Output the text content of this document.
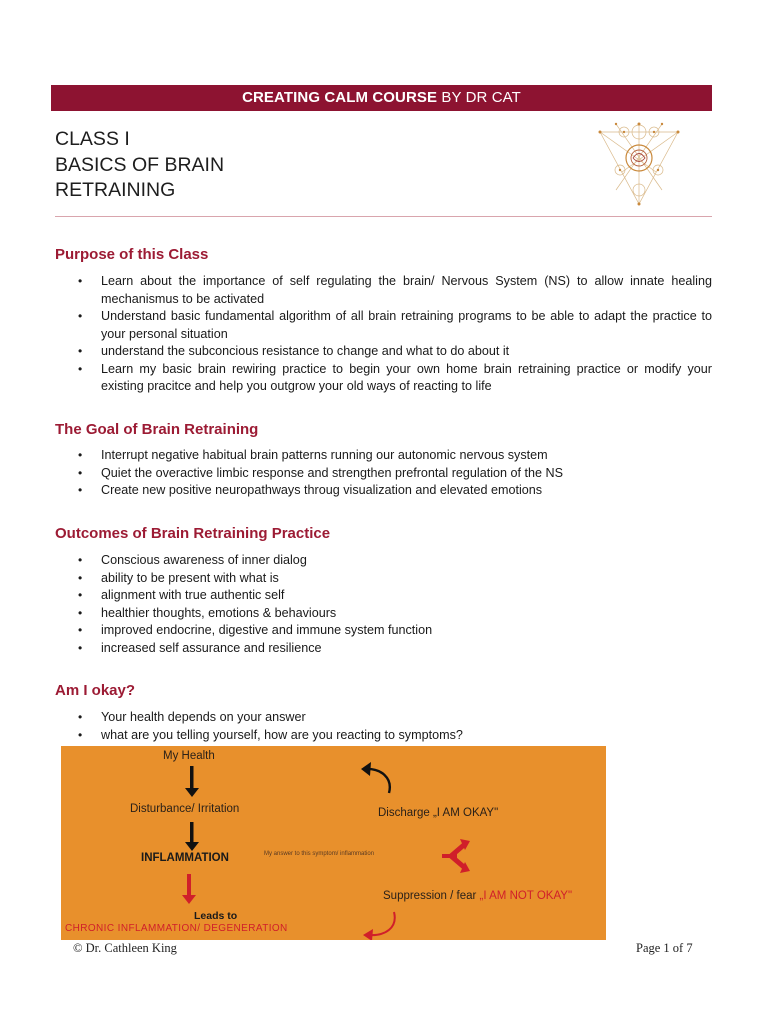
CREATING CALM COURSE BY DR CAT
CLASS I
BASICS OF BRAIN
RETRAINING
Purpose of this Class
• Learn about the importance of self regulating the brain/ Nervous System (NS) to allow innate healing mechanismus to be activated
• Understand basic fundamental algorithm of all brain retraining programs to be able to adapt the practice to your personal situation
• understand the subconcious resistance to change and what to do about it
• Learn my basic brain rewiring practice to begin your own home brain retraining practice or modify your existing pracitce and help you outgrow your old ways of reacting to life
The Goal of Brain Retraining
• Interrupt negative habitual brain patterns running our autonomic nervous system
• Quiet the overactive limbic response and strengthen prefrontal regulation of the NS
• Create new positive neuropathways throug visualization and elevated emotions
Outcomes of Brain Retraining Practice
• Conscious awareness of inner dialog
• ability to be present with what is
• alignment with true authentic self
• healthier thoughts, emotions & behaviours
• improved endocrine, digestive and immune system function
• increased self assurance and resilience
Am I okay?
• Your health depends on your answer
• what are you telling yourself, how are you reacting to symptoms?
My Health
Disturbance/ Irritation
INFLAMMATION
Leads to
CHRONIC INFLAMMATION/ DEGENERATION
Discharge „I AM OKAY"
My answer to this symptom/ inflammation
Suppression / fear „I AM NOT OKAY"
© Dr. Cathleen King	Page 1 of 7
